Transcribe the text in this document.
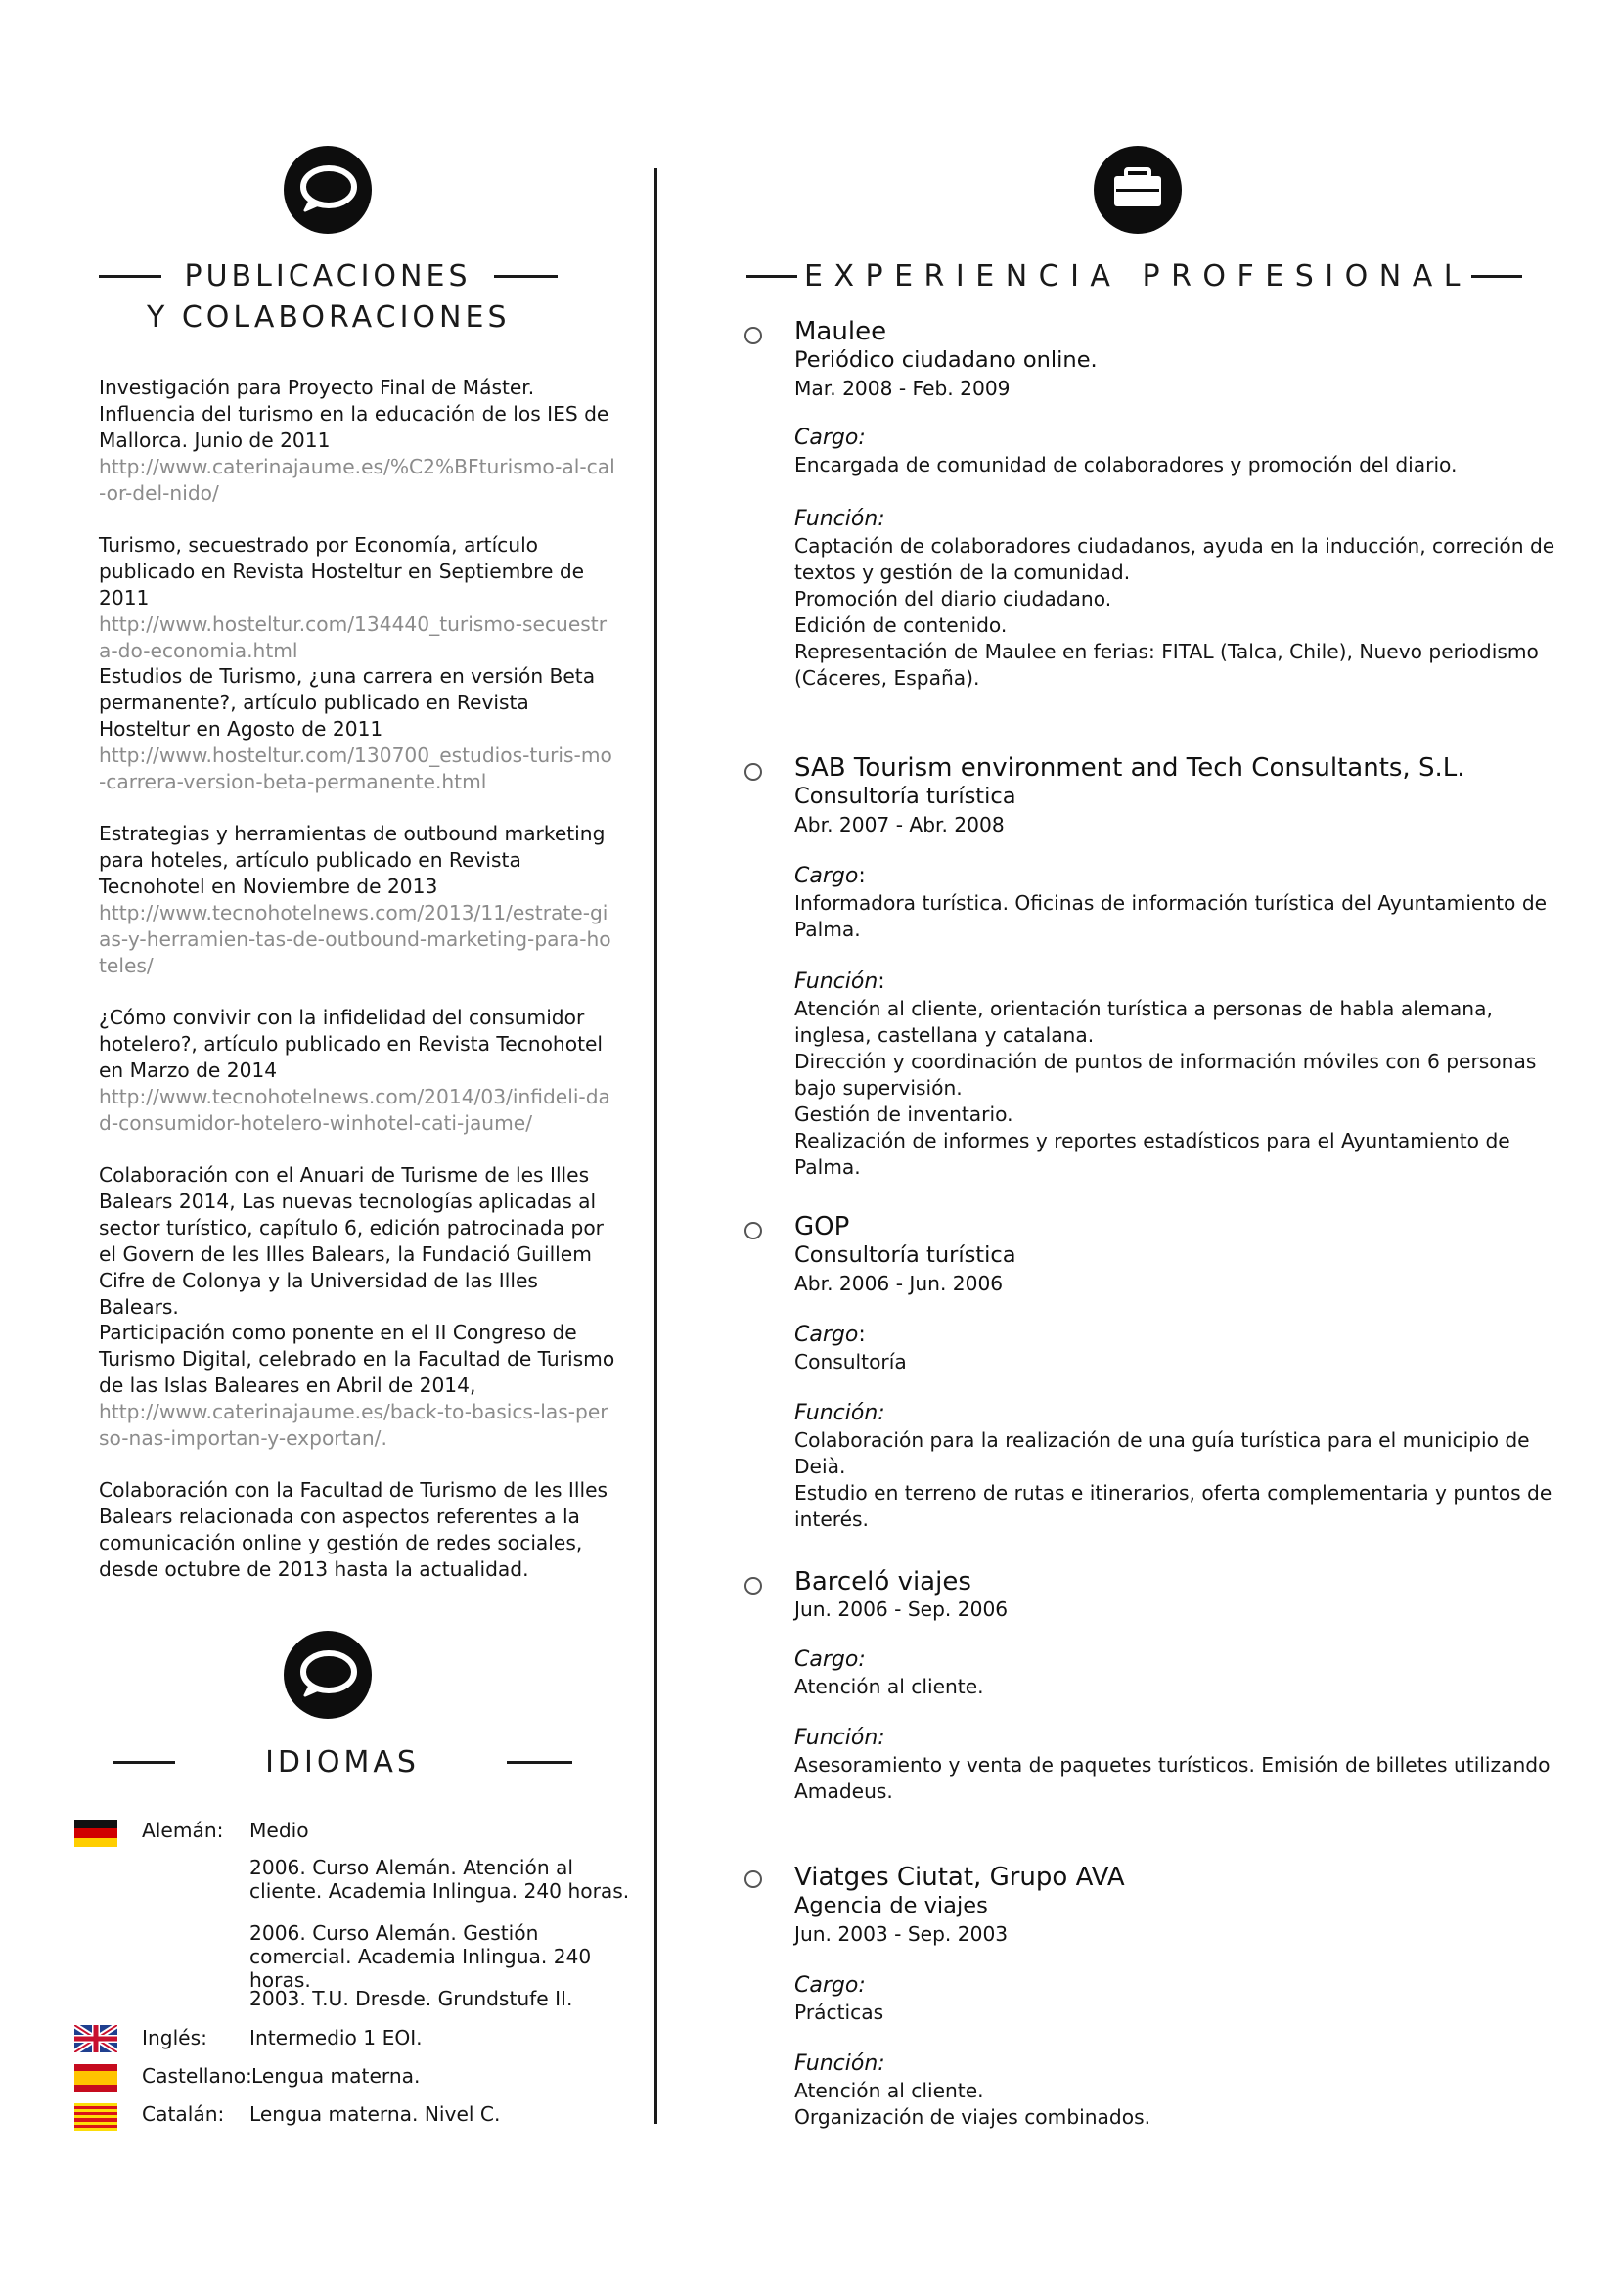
PUBLICACIONES
Y COLABORACIONES
Investigación para Proyecto Final de Máster. Influencia del turismo en la educación de los IES de Mallorca. Junio de 2011
http://www.caterinajaume.es/%C2%BFturismo-al-cal-or-del-nido/
Turismo, secuestrado por Economía, artículo publicado en Revista Hosteltur en Septiembre de 2011
http://www.hosteltur.com/134440_turismo-secuestra-do-economia.html
Estudios de Turismo, ¿una carrera en versión Beta permanente?, artículo publicado en Revista Hosteltur en Agosto de 2011
http://www.hosteltur.com/130700_estudios-turis-mo-carrera-version-beta-permanente.html
Estrategias y herramientas de outbound marketing para hoteles, artículo publicado en Revista Tecnohotel en Noviembre de 2013
http://www.tecnohotelnews.com/2013/11/estrate-gias-y-herramien-tas-de-outbound-marketing-para-hoteles/
¿Cómo convivir con la infidelidad del consumidor hotelero?, artículo publicado en Revista Tecnohotel en Marzo de 2014
http://www.tecnohotelnews.com/2014/03/infideli-dad-consumidor-hotelero-winhotel-cati-jaume/
Colaboración con el Anuari de Turisme de les Illes Balears 2014, Las nuevas tecnologías aplicadas al sector turístico, capítulo 6, edición patrocinada por el Govern de les Illes Balears, la Fundació Guillem Cifre de Colonya y la Universidad de las Illes Balears.
Participación como ponente en el II Congreso de Turismo Digital, celebrado en la Facultad de Turismo de las Islas Baleares en Abril de 2014,
http://www.caterinajaume.es/back-to-basics-las-perso-nas-importan-y-exportan/.
Colaboración con la Facultad de Turismo de les Illes Balears relacionada con aspectos referentes a la comunicación online y gestión de redes sociales, desde octubre de 2013 hasta la actualidad.
IDIOMAS
Alemán: Medio
2006. Curso Alemán. Atención al cliente. Academia Inlingua. 240 horas.
2006. Curso Alemán. Gestión comercial. Academia Inlingua. 240 horas.
2003. T.U. Dresde. Grundstufe II.
Inglés: Intermedio 1 EOI.
Castellano: Lengua materna.
Catalán: Lengua materna. Nivel C.
EXPERIENCIA PROFESIONAL
Maulee
Periódico ciudadano online.
Mar. 2008 - Feb. 2009
Cargo:
Encargada de comunidad de colaboradores y promoción del diario.
Función:
Captación de colaboradores ciudadanos, ayuda en la inducción, correción de textos y gestión de la comunidad.
Promoción del diario ciudadano.
Edición de contenido.
Representación de Maulee en ferias: FITAL (Talca, Chile), Nuevo periodismo (Cáceres, España).
SAB Tourism environment and Tech Consultants, S.L.
Consultoría turística
Abr. 2007 - Abr. 2008
Cargo:
Informadora turística. Oficinas de información turística del Ayuntamiento de Palma.
Función:
Atención al cliente, orientación turística a personas de habla alemana, inglesa, castellana y catalana.
Dirección y coordinación de puntos de información móviles con 6 personas bajo supervisión.
Gestión de inventario.
Realización de informes y reportes estadísticos para el Ayuntamiento de Palma.
GOP
Consultoría turística
Abr. 2006 - Jun. 2006
Cargo:
Consultoría
Función:
Colaboración para la realización de una guía turística para el municipio de Deià.
Estudio en terreno de rutas e itinerarios, oferta complementaria y puntos de interés.
Barceló viajes
Jun. 2006 - Sep. 2006
Cargo:
Atención al cliente.
Función:
Asesoramiento y venta de paquetes turísticos. Emisión de billetes utilizando Amadeus.
Viatges Ciutat, Grupo AVA
Agencia de viajes
Jun. 2003 - Sep. 2003
Cargo:
Prácticas
Función:
Atención al cliente.
Organización de viajes combinados.
